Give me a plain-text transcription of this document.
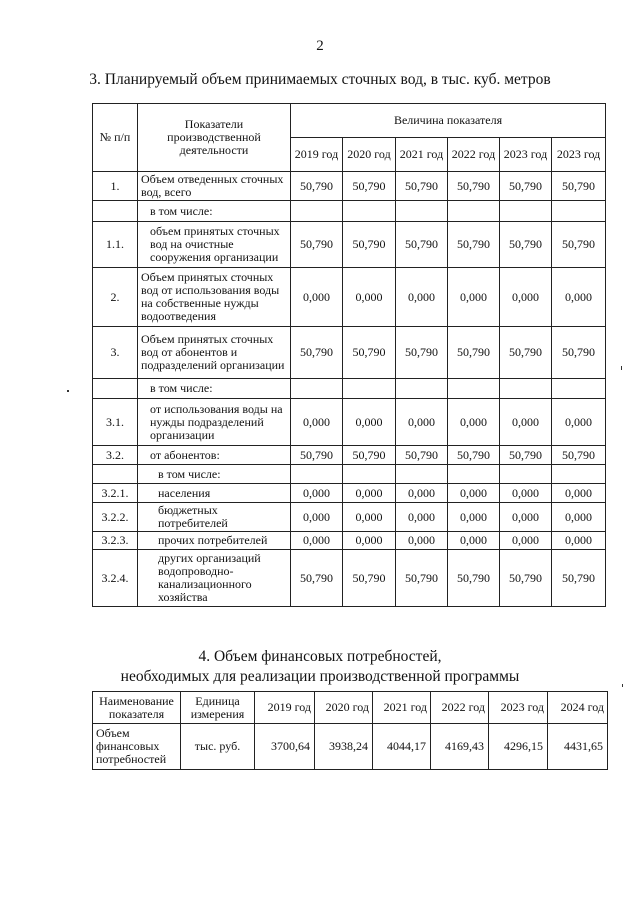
2
3. Планируемый объем принимаемых сточных вод, в тыс. куб. метров
№ п/п	Показатели производственной деятельности	Величина показателя					
		2019 год	2020 год	2021 год	2022 год	2023 год	2023 год
1.	Объем отведенных сточных вод, всего	50,790	50,790	50,790	50,790	50,790	50,790
	в том числе:						
1.1.	объем принятых сточных вод на очистные сооружения организации	50,790	50,790	50,790	50,790	50,790	50,790
2.	Объем принятых сточных вод от использования воды на собственные нужды водоотведения	0,000	0,000	0,000	0,000	0,000	0,000
3.	Объем принятых сточных вод от абонентов и подразделений организации	50,790	50,790	50,790	50,790	50,790	50,790
	в том числе:						
3.1.	от использования воды на нужды подразделений организации	0,000	0,000	0,000	0,000	0,000	0,000
3.2.	от абонентов:	50,790	50,790	50,790	50,790	50,790	50,790
	в том числе:						
3.2.1.	населения	0,000	0,000	0,000	0,000	0,000	0,000
3.2.2.	бюджетных потребителей	0,000	0,000	0,000	0,000	0,000	0,000
3.2.3.	прочих потребителей	0,000	0,000	0,000	0,000	0,000	0,000
3.2.4.	других организаций водопроводно-канализационного хозяйства	50,790	50,790	50,790	50,790	50,790	50,790
4. Объем финансовых потребностей,
необходимых для реализации производственной программы
Наименование показателя	Единица измерения	2019 год	2020 год	2021 год	2022 год	2023 год	2024 год
Объем финансовых потребностей	тыс. руб.	3700,64	3938,24	4044,17	4169,43	4296,15	4431,65
